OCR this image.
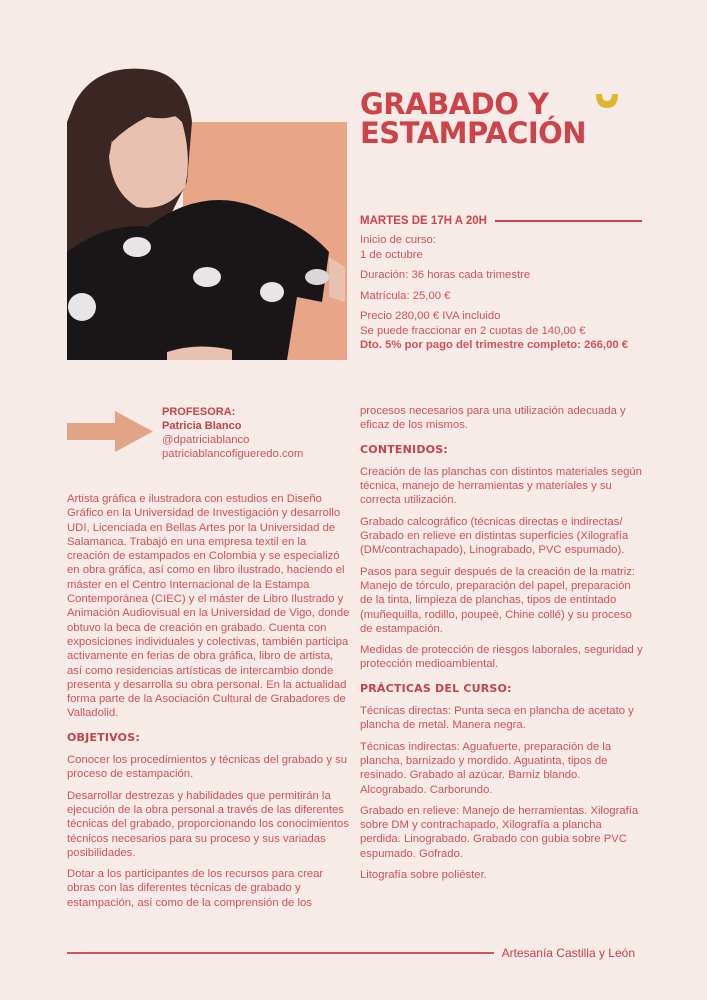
GRABADO Y
ESTAMPACIÓN
MARTES DE 17H A 20H

Inicio de curso:
1 de octubre

Duración: 36 horas cada trimestre

Matrícula: 25,00 €

Precio 280,00 € IVA incluido
Se puede fraccionar en 2 cuotas de 140,00 €
Dto. 5% por pago del trimestre completo: 266,00 €

PROFESORA:
Patricia Blanco
@dpatriciablanco
patriciablancofigueredo.com

Artista gráfica e ilustradora con estudios en Diseño Gráfico en la Universidad de Investigación y desarrollo UDI, Licenciada en Bellas Artes por la Universidad de Salamanca. Trabajó en una empresa textil en la creación de estampados en Colombia y se especializó en obra gráfica, así como en libro ilustrado, haciendo el máster en el Centro Internacional de la Estampa Contemporánea (CIEC) y el máster de Libro Ilustrado y Animación Audiovisual en la Universidad de Vigo, donde obtuvo la beca de creación en grabado. Cuenta con exposiciones individuales y colectivas, también participa activamente en ferias de obra gráfica, libro de artista, así como residencias artísticas de intercambio donde presenta y desarrolla su obra personal. En la actualidad forma parte de la Asociación Cultural de Grabadores de Valladolid.

OBJETIVOS:

Conocer los procedimientos y técnicas del grabado y su proceso de estampación.

Desarrollar destrezas y habilidades que permitirán la ejecución de la obra personal a través de las diferentes técnicas del grabado, proporcionando los conocimientos técnicos necesarios para su proceso y sus variadas posibilidades.

Dotar a los participantes de los recursos para crear obras con las diferentes técnicas de grabado y estampación, así como de la comprensión de los

procesos necesarios para una utilización adecuada y eficaz de los mismos.

CONTENIDOS:

Creación de las planchas con distintos materiales según técnica, manejo de herramientas y materiales y su correcta utilización.

Grabado calcográfico (técnicas directas e indirectas/ Grabado en relieve en distintas superficies (Xilografía (DM/contrachapado), Linograbado, PVC espumado).

Pasos para seguir después de la creación de la matriz: Manejo de tórculo, preparación del papel, preparación de la tinta, limpieza de planchas, tipos de entintado (muñequilla, rodillo, poupeè, Chine collé) y su proceso de estampación.

Medidas de protección de riesgos laborales, seguridad y protección medioambiental.

PRÁCTICAS DEL CURSO:

Técnicas directas: Punta seca en plancha de acetato y plancha de metal. Manera negra.

Técnicas indirectas: Aguafuerte, preparación de la plancha, barnizado y mordido. Aguatinta, tipos de resinado. Grabado al azúcar. Barniz blando. Alcograbado. Carborundo.

Grabado en relieve: Manejo de herramientas. Xilografía sobre DM y contrachapado, Xilografía a plancha perdida. Linograbado. Grabado con gubia sobre PVC espumado. Gofrado.

Litografía sobre poliéster.

Artesanía Castilla y León
